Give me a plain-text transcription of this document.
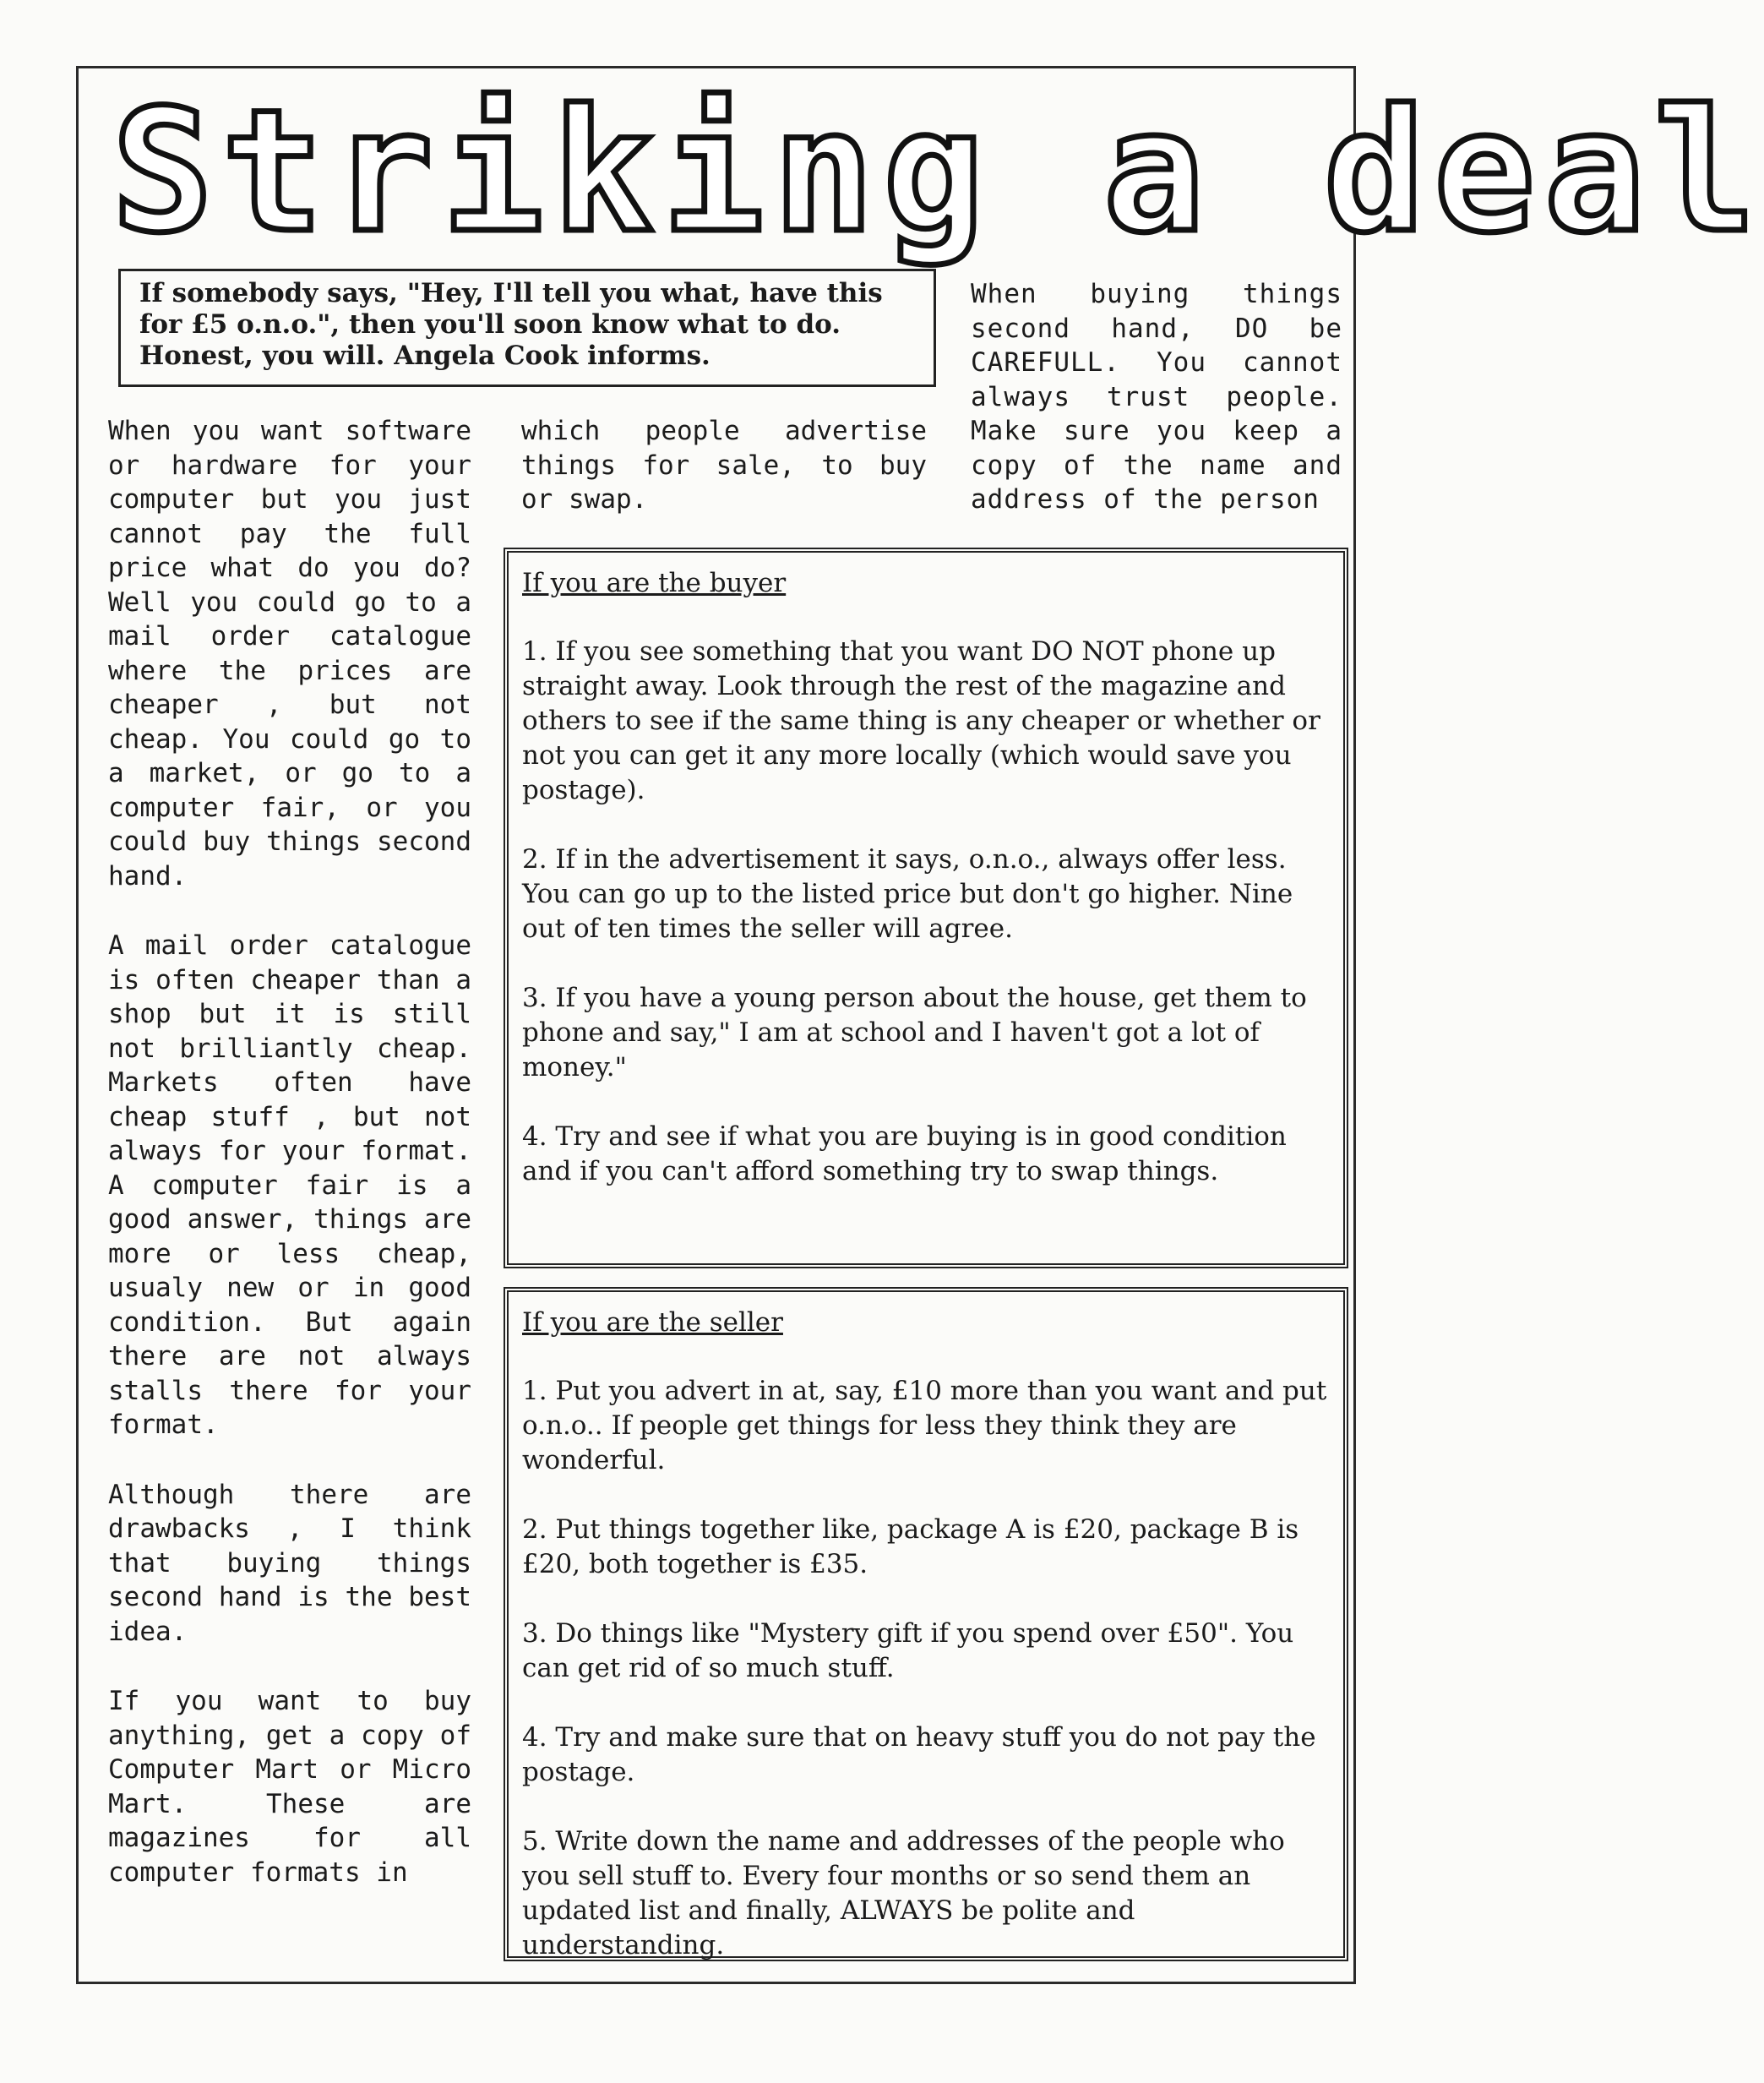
Striking a deal
If somebody says, "Hey, I'll tell you what, have this for £5 o.n.o.", then you'll soon know what to do. Honest, you will. Angela Cook informs.

When buying things second hand, DO be CAREFULL. You cannot always trust people. Make sure you keep a copy of the name and address of the person

When you want software or hardware for your computer but you just cannot pay the full price what do you do? Well you could go to a mail order catalogue where the prices are cheaper , but not cheap. You could go to a market, or go to a computer fair, or you could buy things second hand.

A mail order catalogue is often cheaper than a shop but it is still not brilliantly cheap. Markets often have cheap stuff , but not always for your format. A computer fair is a good answer, things are more or less cheap, usualy new or in good condition. But again there are not always stalls there for your format.

Although there are drawbacks , I think that buying things second hand is the best idea.

If you want to buy anything, get a copy of Computer Mart or Micro Mart. These are magazines for all computer formats in

which people advertise things for sale, to buy or swap.

If you are the buyer

1. If you see something that you want DO NOT phone up straight away. Look through the rest of the magazine and others to see if the same thing is any cheaper or whether or not you can get it any more locally (which would save you postage).

2. If in the advertisement it says, o.n.o., always offer less. You can go up to the listed price but don't go higher. Nine out of ten times the seller will agree.

3. If you have a young person about the house, get them to phone and say," I am at school and I haven't got a lot of money."

4. Try and see if what you are buying is in good condition and if you can't afford something try to swap things.

If you are the seller

1. Put you advert in at, say, £10 more than you want and put o.n.o.. If people get things for less they think they are wonderful.

2. Put things together like, package A is £20, package B is £20, both together is £35.

3. Do things like "Mystery gift if you spend over £50". You can get rid of so much stuff.

4. Try and make sure that on heavy stuff you do not pay the postage.

5. Write down the name and addresses of the people who you sell stuff to. Every four months or so send them an updated list and finally, ALWAYS be polite and understanding.
